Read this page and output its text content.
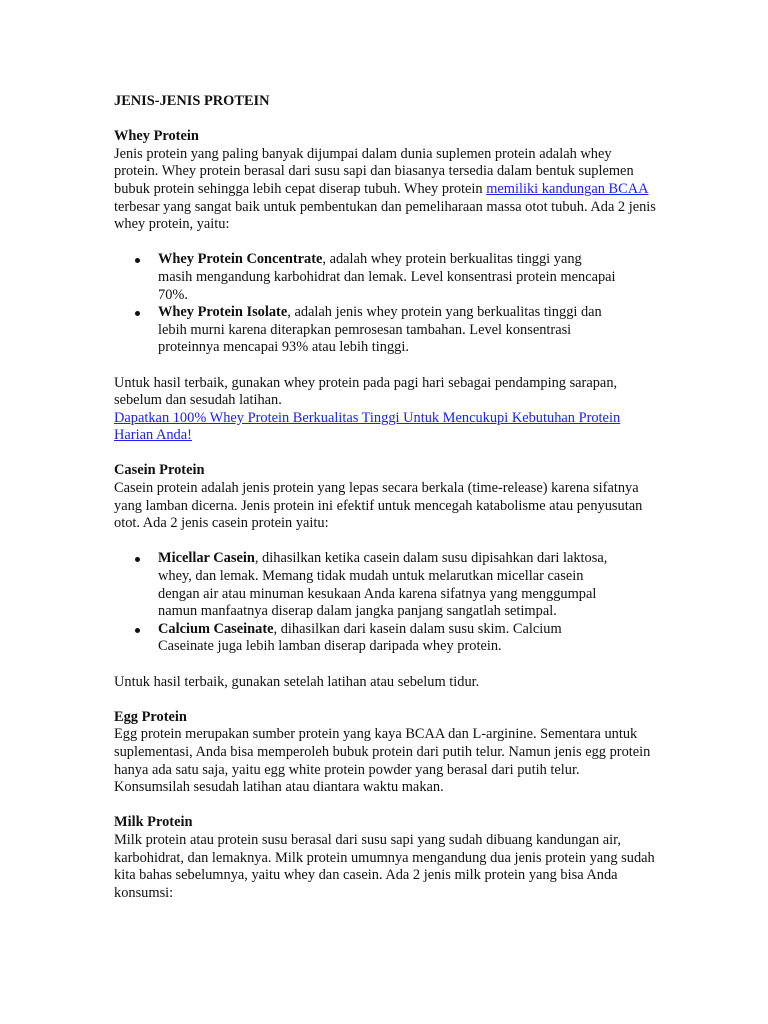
JENIS-JENIS PROTEIN

Whey Protein

Jenis protein yang paling banyak dijumpai dalam dunia suplemen protein adalah whey protein. Whey protein berasal dari susu sapi dan biasanya tersedia dalam bentuk suplemen bubuk protein sehingga lebih cepat diserap tubuh. Whey protein memiliki kandungan BCAA terbesar yang sangat baik untuk pembentukan dan pemeliharaan massa otot tubuh. Ada 2 jenis whey protein, yaitu:

Whey Protein Concentrate, adalah whey protein berkualitas tinggi yang masih mengandung karbohidrat dan lemak. Level konsentrasi protein mencapai 70%.
Whey Protein Isolate, adalah jenis whey protein yang berkualitas tinggi dan lebih murni karena diterapkan pemrosesan tambahan. Level konsentrasi proteinnya mencapai 93% atau lebih tinggi.

Untuk hasil terbaik, gunakan whey protein pada pagi hari sebagai pendamping sarapan, sebelum dan sesudah latihan.

Dapatkan 100% Whey Protein Berkualitas Tinggi Untuk Mencukupi Kebutuhan Protein Harian Anda!

Casein Protein

Casein protein adalah jenis protein yang lepas secara berkala (time-release) karena sifatnya yang lamban dicerna. Jenis protein ini efektif untuk mencegah katabolisme atau penyusutan otot. Ada 2 jenis casein protein yaitu:

Micellar Casein, dihasilkan ketika casein dalam susu dipisahkan dari laktosa, whey, dan lemak. Memang tidak mudah untuk melarutkan micellar casein dengan air atau minuman kesukaan Anda karena sifatnya yang menggumpal namun manfaatnya diserap dalam jangka panjang sangatlah setimpal.
Calcium Caseinate, dihasilkan dari kasein dalam susu skim. Calcium Caseinate juga lebih lamban diserap daripada whey protein.

Untuk hasil terbaik, gunakan setelah latihan atau sebelum tidur.

Egg Protein

Egg protein merupakan sumber protein yang kaya BCAA dan L-arginine. Sementara untuk suplementasi, Anda bisa memperoleh bubuk protein dari putih telur. Namun jenis egg protein hanya ada satu saja, yaitu egg white protein powder yang berasal dari putih telur. Konsumsilah sesudah latihan atau diantara waktu makan.

Milk Protein

Milk protein atau protein susu berasal dari susu sapi yang sudah dibuang kandungan air, karbohidrat, dan lemaknya. Milk protein umumnya mengandung dua jenis protein yang sudah kita bahas sebelumnya, yaitu whey dan casein. Ada 2 jenis milk protein yang bisa Anda konsumsi:
